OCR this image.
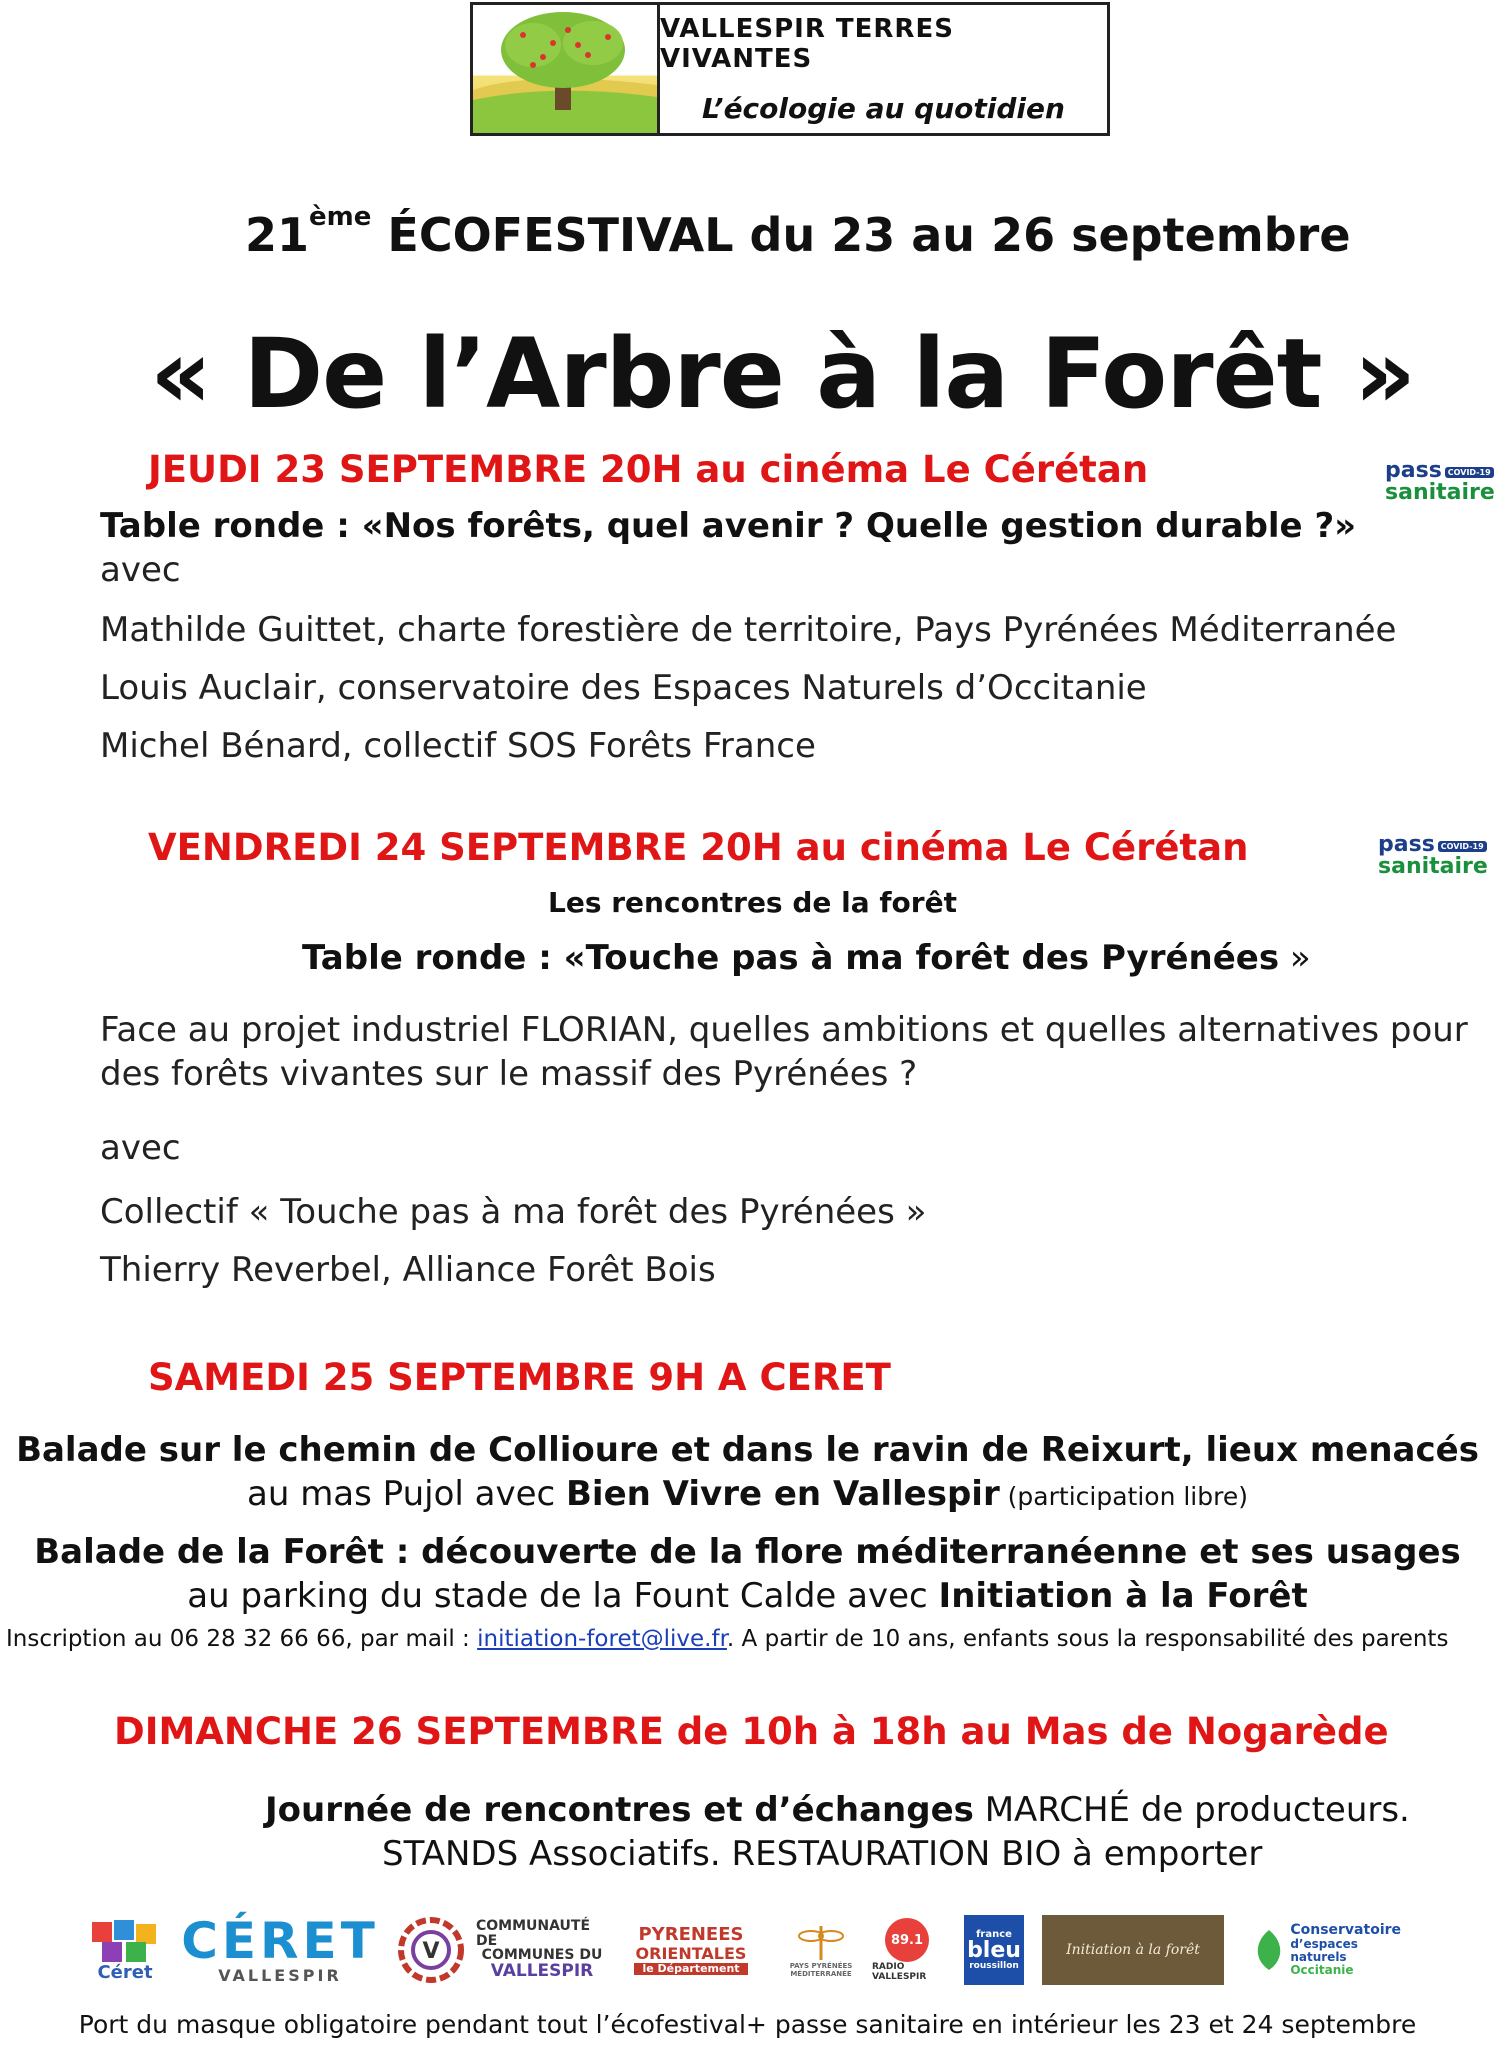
VALLESPIR TERRES VIVANTES
L’écologie au quotidien
21ème ÉCOFESTIVAL du 23 au 26 septembre
« De l’Arbre à la Forêt »
JEUDI 23 SEPTEMBRE 20H au cinéma Le Cérétan	pass COVID-19
sanitaire
Table ronde : «Nos forêts, quel avenir ? Quelle gestion durable ?»
avec
Mathilde Guittet, charte forestière de territoire, Pays Pyrénées Méditerranée
Louis Auclair, conservatoire des Espaces Naturels d’Occitanie
Michel Bénard, collectif SOS Forêts France
VENDREDI 24 SEPTEMBRE 20H au cinéma Le Cérétan	pass COVID-19
sanitaire
Les rencontres de la forêt
Table ronde : «Touche pas à ma forêt des Pyrénées »
Face au projet industriel FLORIAN, quelles ambitions et quelles alternatives pour
des forêts vivantes sur le massif des Pyrénées ?
avec
Collectif « Touche pas à ma forêt des Pyrénées »
Thierry Reverbel, Alliance Forêt Bois
SAMEDI 25 SEPTEMBRE 9H A CERET
Balade sur le chemin de Collioure et dans le ravin de Reixurt, lieux menacés
au mas Pujol avec Bien Vivre en Vallespir (participation libre)
Balade de la Forêt : découverte de la flore méditerranéenne et ses usages
au parking du stade de la Fount Calde avec Initiation à la Forêt
Inscription au 06 28 32 66 66, par mail : initiation-foret@live.fr. A partir de 10 ans, enfants sous la responsabilité des parents
DIMANCHE 26 SEPTEMBRE de 10h à 18h au Mas de Nogarède
Journée de rencontres et d’échanges MARCHÉ de producteurs.
STANDS Associatifs. RESTAURATION BIO à emporter
Céret
CÉRET
VALLESPIR
V
COMMUNAUTÉ DE
COMMUNES DU
VALLESPIR
PYRENEES
ORIENTALES
le Département	PAYS PYRÉNÉES MÉDITERRANÉE
89.1
RADIO VALLESPIR
france
bleu
roussillon
Initiation à la forêt
Conservatoire
d’espaces naturels
Occitanie
Port du masque obligatoire pendant tout l’écofestival+ passe sanitaire en intérieur les 23 et 24 septembre
